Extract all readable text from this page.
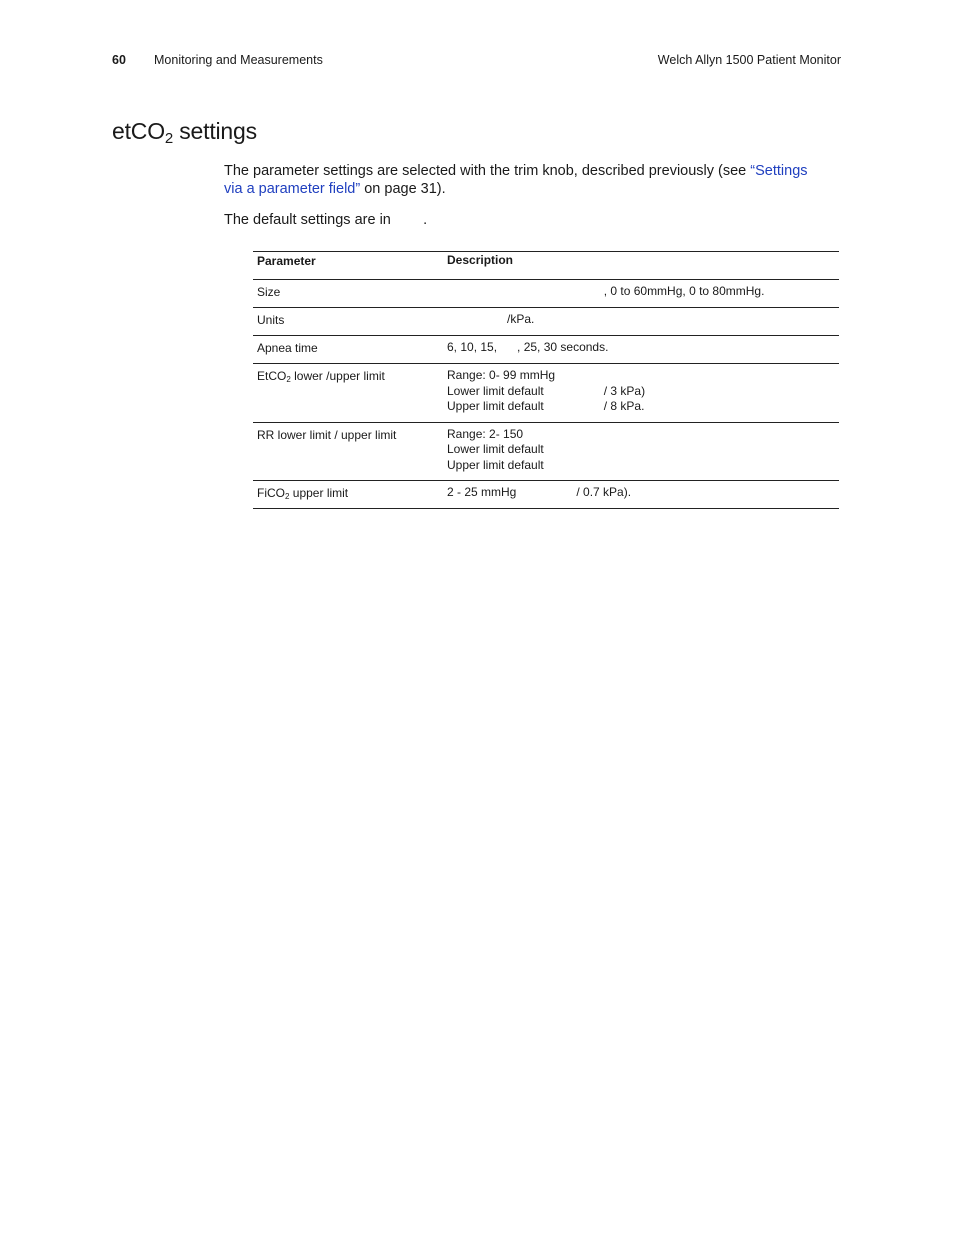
60 Monitoring and Measurements	Welch Allyn 1500 Patient Monitor
etCO$_2$ settings

The parameter settings are selected with the trim knob, described previously (see “Settings via a parameter field” on page 31).

The default settings are in        .

Parameter	Description
Size	, 0 to 60mmHg, 0 to 80mmHg.
Units	/kPa.
Apnea time	6, 10, 15,      , 25, 30 seconds.
EtCO$_2$ lower /upper limit	Range: 0- 99 mmHg
Lower limit default                  / 3 kPa)
Upper limit default                  / 8 kPa.
RR lower limit / upper limit	Range: 2- 150
Lower limit default
Upper limit default
FiCO$_2$ upper limit	2 - 25 mmHg                  / 0.7 kPa).
